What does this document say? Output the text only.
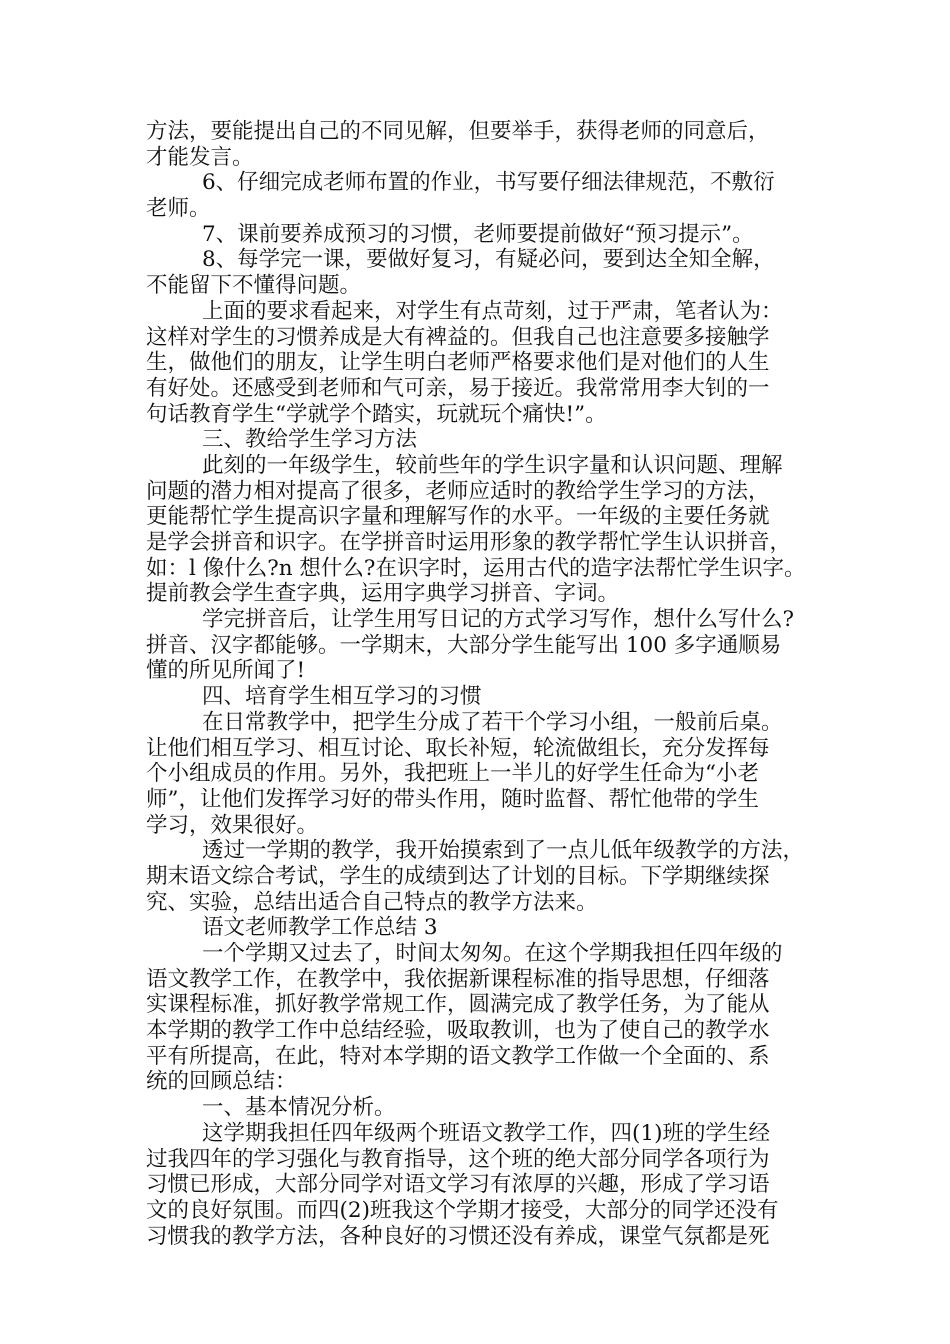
方法，要能提出自己的不同见解，但要举手，获得老师的同意后，
才能发言。
6、仔细完成老师布置的作业，书写要仔细法律规范，不敷衍
老师。
7、课前要养成预习的习惯，老师要提前做好“预习提示”。
8、每学完一课，要做好复习，有疑必问，要到达全知全解，
不能留下不懂得问题。
上面的要求看起来，对学生有点苛刻，过于严肃，笔者认为：
这样对学生的习惯养成是大有裨益的。但我自己也注意要多接触学
生，做他们的朋友，让学生明白老师严格要求他们是对他们的人生
有好处。还感受到老师和气可亲，易于接近。我常常用李大钊的一
句话教育学生“学就学个踏实，玩就玩个痛快!”。
三、教给学生学习方法
此刻的一年级学生，较前些年的学生识字量和认识问题、理解
问题的潜力相对提高了很多，老师应适时的教给学生学习的方法，
更能帮忙学生提高识字量和理解写作的水平。一年级的主要任务就
是学会拼音和识字。在学拼音时运用形象的教学帮忙学生认识拼音，
如：l 像什么?n 想什么?在识字时，运用古代的造字法帮忙学生识字。
提前教会学生查字典，运用字典学习拼音、字词。
学完拼音后，让学生用写日记的方式学习写作，想什么写什么?
拼音、汉字都能够。一学期末，大部分学生能写出 100 多字通顺易
懂的所见所闻了!
四、培育学生相互学习的习惯
在日常教学中，把学生分成了若干个学习小组，一般前后桌。
让他们相互学习、相互讨论、取长补短，轮流做组长，充分发挥每
个小组成员的作用。另外，我把班上一半儿的好学生任命为“小老
师”，让他们发挥学习好的带头作用，随时监督、帮忙他带的学生
学习，效果很好。
透过一学期的教学，我开始摸索到了一点儿低年级教学的方法，
期末语文综合考试，学生的成绩到达了计划的目标。下学期继续探
究、实验，总结出适合自己特点的教学方法来。
语文老师教学工作总结 3
一个学期又过去了，时间太匆匆。在这个学期我担任四年级的
语文教学工作，在教学中，我依据新课程标准的指导思想，仔细落
实课程标准，抓好教学常规工作，圆满完成了教学任务，为了能从
本学期的教学工作中总结经验，吸取教训，也为了使自己的教学水
平有所提高，在此，特对本学期的语文教学工作做一个全面的、系
统的回顾总结：
一、基本情况分析。
这学期我担任四年级两个班语文教学工作，四(1)班的学生经
过我四年的学习强化与教育指导，这个班的绝大部分同学各项行为
习惯已形成，大部分同学对语文学习有浓厚的兴趣，形成了学习语
文的良好氛围。而四(2)班我这个学期才接受，大部分的同学还没有
习惯我的教学方法，各种良好的习惯还没有养成，课堂气氛都是死
